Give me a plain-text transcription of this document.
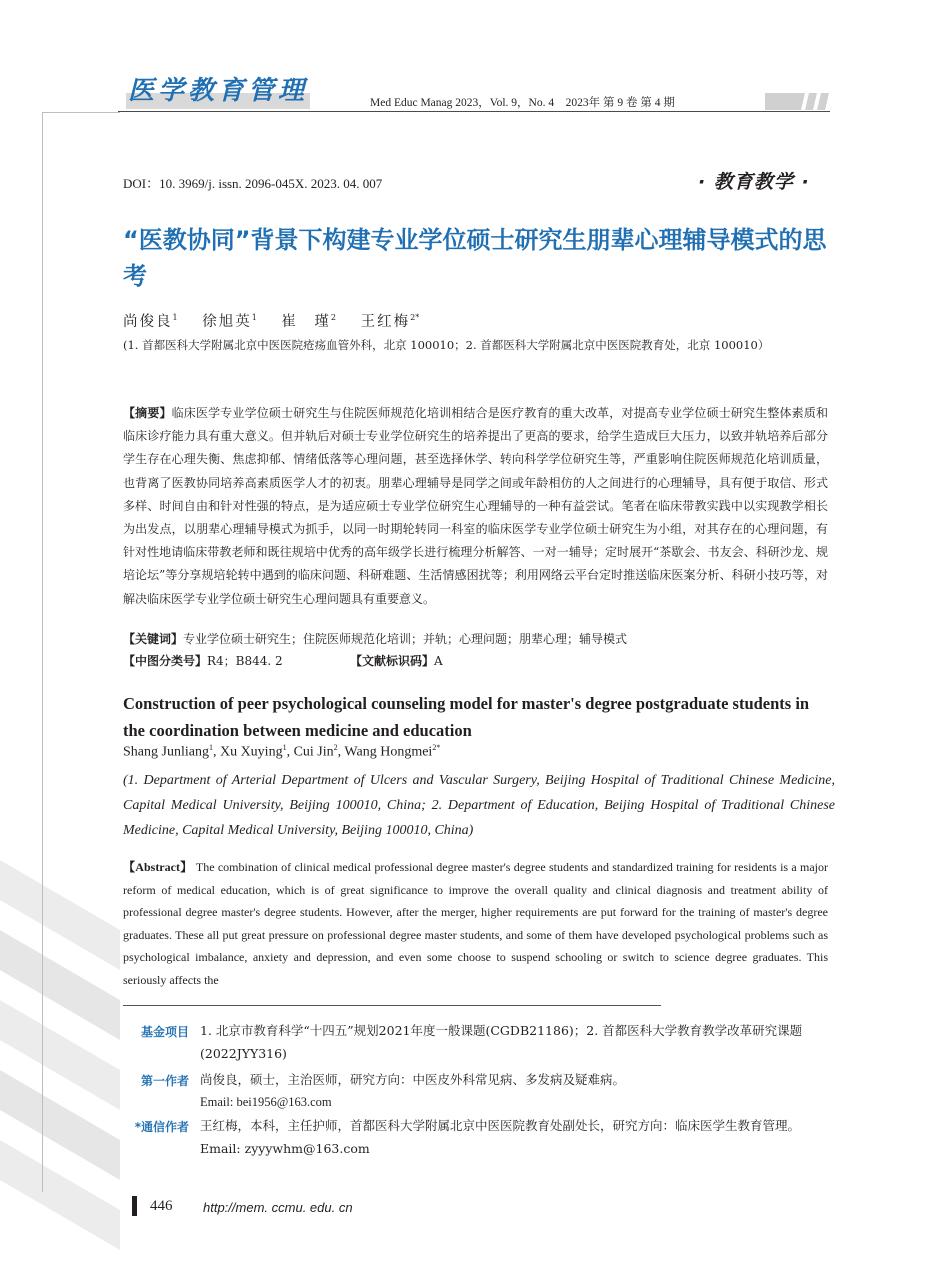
医学教育管理	Med Educ Manag 2023，Vol. 9，No. 4　2023年 第 9 卷 第 4 期
DOI：10. 3969/j. issn. 2096-045X. 2023. 04. 007	· 教育教学 ·
“医教协同”背景下构建专业学位硕士研究生朋辈心理辅导模式的思考
尚俊良$^1$ 徐旭英$^1$ 崔　瑾$^2$ 王红梅$^{2*}$
(1. 首都医科大学附属北京中医医院疮疡血管外科，北京 100010；2. 首都医科大学附属北京中医医院教育处，北京 100010）
【摘要】临床医学专业学位硕士研究生与住院医师规范化培训相结合是医疗教育的重大改革，对提高专业学位硕士研究生整体素质和临床诊疗能力具有重大意义。但并轨后对硕士专业学位研究生的培养提出了更高的要求，给学生造成巨大压力，以致并轨培养后部分学生存在心理失衡、焦虑抑郁、情绪低落等心理问题，甚至选择休学、转向科学学位研究生等，严重影响住院医师规范化培训质量，也背离了医教协同培养高素质医学人才的初衷。朋辈心理辅导是同学之间或年龄相仿的人之间进行的心理辅导，具有便于取信、形式多样、时间自由和针对性强的特点，是为适应硕士专业学位研究生心理辅导的一种有益尝试。笔者在临床带教实践中以实现教学相长为出发点，以朋辈心理辅导模式为抓手，以同一时期轮转同一科室的临床医学专业学位硕士研究生为小组，对其存在的心理问题，有针对性地请临床带教老师和既往规培中优秀的高年级学长进行梳理分析解答、一对一辅导；定时展开“茶歇会、书友会、科研沙龙、规培论坛”等分享规培轮转中遇到的临床问题、科研难题、生活情感困扰等；利用网络云平台定时推送临床医案分析、科研小技巧等，对解决临床医学专业学位硕士研究生心理问题具有重要意义。
【关键词】专业学位硕士研究生；住院医师规范化培训；并轨；心理问题；朋辈心理；辅导模式
【中图分类号】R4；B844. 2	【文献标识码】A
Construction of peer psychological counseling model for master's degree postgraduate students in the coordination between medicine and education
Shang Junliang$^1$, Xu Xuying$^1$, Cui Jin$^2$, Wang Hongmei$^{2*}$
(1. Department of Arterial Department of Ulcers and Vascular Surgery, Beijing Hospital of Traditional Chinese Medicine, Capital Medical University, Beijing 100010, China; 2. Department of Education, Beijing Hospital of Traditional Chinese Medicine, Capital Medical University, Beijing 100010, China)
【Abstract】 The combination of clinical medical professional degree master's degree students and standardized training for residents is a major reform of medical education, which is of great significance to improve the overall quality and clinical diagnosis and treatment ability of professional degree master's degree students. However, after the merger, higher requirements are put forward for the training of master's degree graduates. These all put great pressure on professional degree master students, and some of them have developed psychological problems such as psychological imbalance, anxiety and depression, and even some choose to suspend schooling or switch to science degree graduates. This seriously affects the
基金项目 1. 北京市教育科学“十四五”规划2021年度一般课题(CGDB21186)；2. 首都医科大学教育教学改革研究课题(2022JYY316)
第一作者 尚俊良，硕士，主治医师，研究方向：中医皮外科常见病、多发病及疑难病。
Email: bei1956@163.com
*通信作者 王红梅，本科，主任护师，首都医科大学附属北京中医医院教育处副处长，研究方向：临床医学生教育管理。Email: zyyywhm@163.com
446 http://mem. ccmu. edu. cn
